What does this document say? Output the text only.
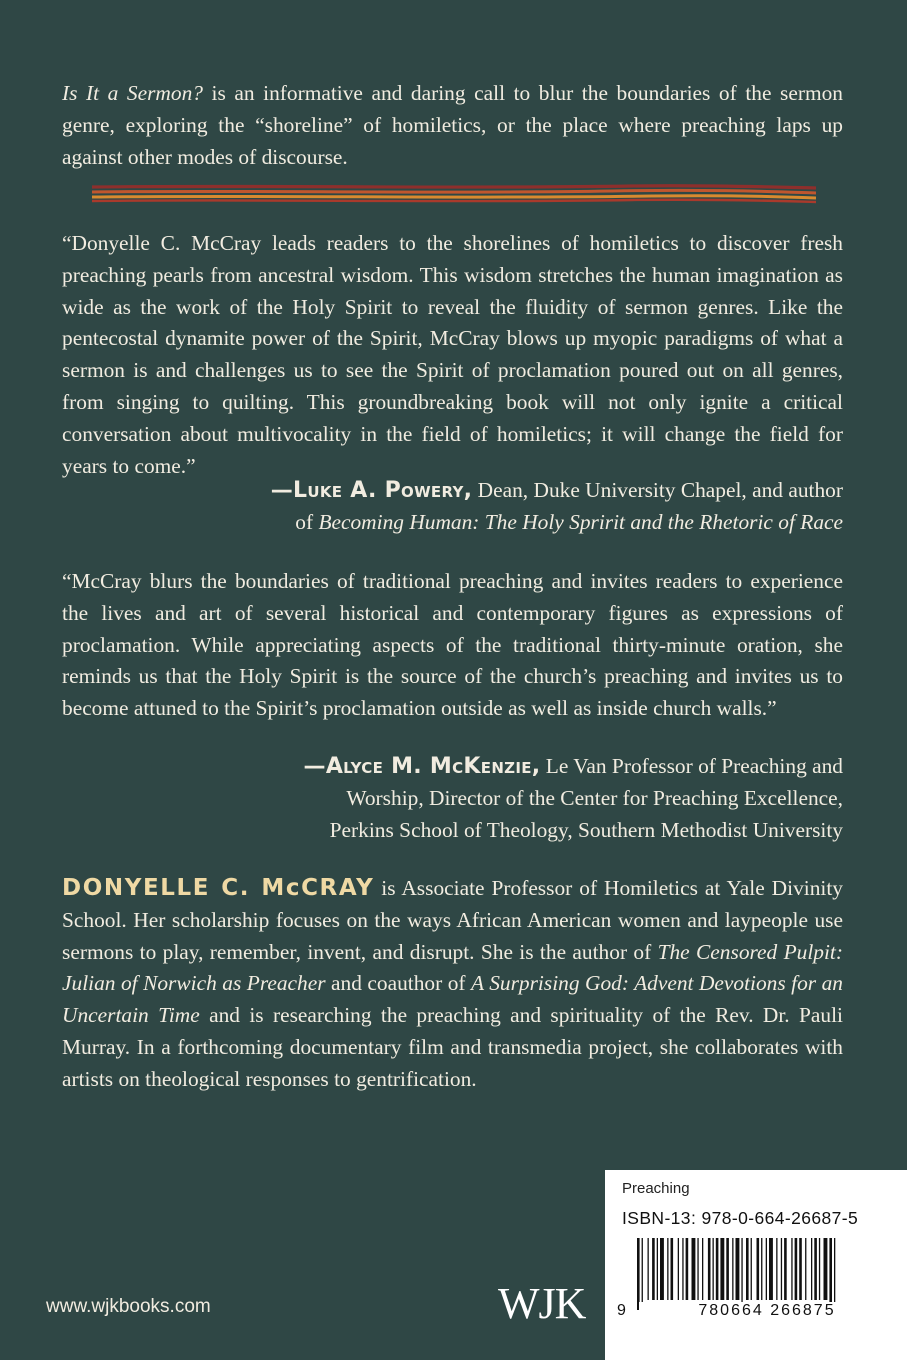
Is It a Sermon? is an informative and daring call to blur the boundaries of the sermon genre, exploring the “shoreline” of homiletics, or the place where preaching laps up against other modes of discourse.
“Donyelle C. McCray leads readers to the shorelines of homiletics to discover fresh preaching pearls from ancestral wisdom. This wisdom stretches the human imagination as wide as the work of the Holy Spirit to reveal the fluidity of sermon genres. Like the pentecostal dynamite power of the Spirit, McCray blows up myopic paradigms of what a sermon is and challenges us to see the Spirit of proclamation poured out on all genres, from singing to quilting. This groundbreaking book will not only ignite a critical conversation about multivocality in the field of homiletics; it will change the field for years to come.”
—Luke A. Powery, Dean, Duke University Chapel, and author
of Becoming Human: The Holy Spririt and the Rhetoric of Race
“McCray blurs the boundaries of traditional preaching and invites readers to experience the lives and art of several historical and contemporary figures as expressions of proclamation. While appreciating aspects of the traditional thirty-minute oration, she reminds us that the Holy Spirit is the source of the church’s preaching and invites us to become attuned to the Spirit’s proclamation outside as well as inside church walls.”
—Alyce M. McKenzie, Le Van Professor of Preaching and
Worship, Director of the Center for Preaching Excellence,
Perkins School of Theology, Southern Methodist University
DONYELLE C. McCRAY is Associate Professor of Homiletics at Yale Divinity School. Her scholarship focuses on the ways African American women and laypeople use sermons to play, remember, invent, and disrupt. She is the author of The Censored Pulpit: Julian of Norwich as Preacher and coauthor of A Surprising God: Advent Devotions for an Uncertain Time and is researching the preaching and spirituality of the Rev. Dr. Pauli Murray. In a forthcoming documentary film and transmedia project, she collaborates with artists on theological responses to gentrification.
www.wjkbooks.com	WJK
Preaching
ISBN-13: 978-0-664-26687-5
9	780664 266875
